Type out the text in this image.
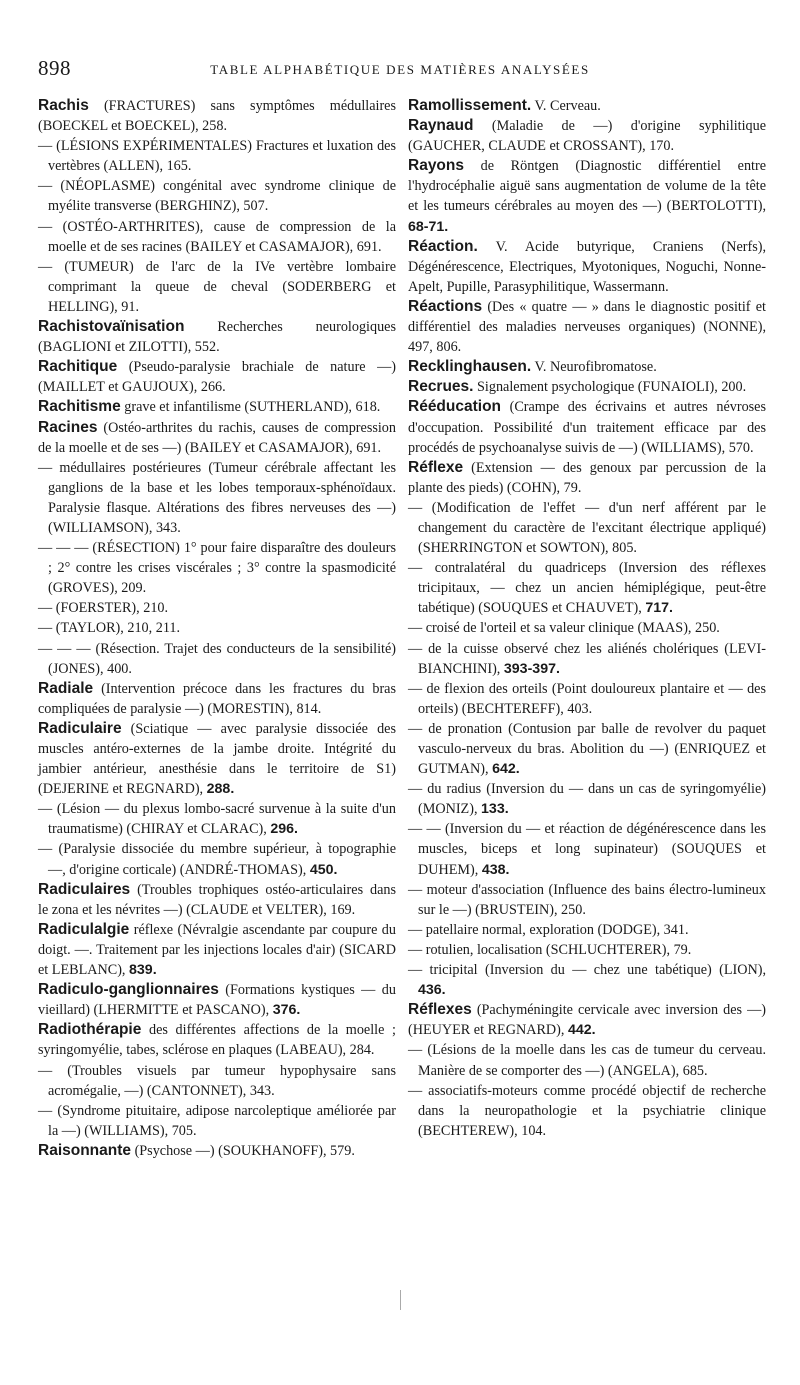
898	TABLE ALPHABÉTIQUE DES MATIÈRES ANALYSÉES

Rachis (FRACTURES) sans symptômes médullaires (BOECKEL et BOECKEL), 258.

— (LÉSIONS EXPÉRIMENTALES) Fractures et luxation des vertèbres (ALLEN), 165.

— (NÉOPLASME) congénital avec syndrome clinique de myélite transverse (BERGHINZ), 507.

— (OSTÉO-ARTHRITES), cause de compression de la moelle et de ses racines (BAILEY et CASAMAJOR), 691.

— (TUMEUR) de l'arc de la IVe vertèbre lombaire comprimant la queue de cheval (SODERBERG et HELLING), 91.

Rachistovaïnisation Recherches neurologiques (BAGLIONI et ZILOTTI), 552.

Rachitique (Pseudo-paralysie brachiale de nature —) (MAILLET et GAUJOUX), 266.

Rachitisme grave et infantilisme (SUTHERLAND), 618.

Racines (Ostéo-arthrites du rachis, causes de compression de la moelle et de ses —) (BAILEY et CASAMAJOR), 691.

— médullaires postérieures (Tumeur cérébrale affectant les ganglions de la base et les lobes temporaux-sphénoïdaux. Paralysie flasque. Altérations des fibres nerveuses des —) (WILLIAMSON), 343.

— — — (RÉSECTION) 1° pour faire disparaître des douleurs ; 2° contre les crises viscérales ; 3° contre la spasmodicité (GROVES), 209.

— (FOERSTER), 210.

— (TAYLOR), 210, 211.

— — — (Résection. Trajet des conducteurs de la sensibilité) (JONES), 400.

Radiale (Intervention précoce dans les fractures du bras compliquées de paralysie —) (MORESTIN), 814.

Radiculaire (Sciatique — avec paralysie dissociée des muscles antéro-externes de la jambe droite. Intégrité du jambier antérieur, anesthésie dans le territoire de S1) (DEJERINE et REGNARD), 288.

— (Lésion — du plexus lombo-sacré survenue à la suite d'un traumatisme) (CHIRAY et CLARAC), 296.

— (Paralysie dissociée du membre supérieur, à topographie —, d'origine corticale) (ANDRÉ-THOMAS), 450.

Radiculaires (Troubles trophiques ostéo-articulaires dans le zona et les névrites —) (CLAUDE et VELTER), 169.

Radiculalgie réflexe (Névralgie ascendante par coupure du doigt. —. Traitement par les injections locales d'air) (SICARD et LEBLANC), 839.

Radiculo-ganglionnaires (Formations kystiques — du vieillard) (LHERMITTE et PASCANO), 376.

Radiothérapie des différentes affections de la moelle ; syringomyélie, tabes, sclérose en plaques (LABEAU), 284.

— (Troubles visuels par tumeur hypophysaire sans acromégalie, —) (CANTONNET), 343.

— (Syndrome pituitaire, adipose narcoleptique améliorée par la —) (WILLIAMS), 705.

Raisonnante (Psychose —) (SOUKHANOFF), 579.

Ramollissement. V. Cerveau.

Raynaud (Maladie de —) d'origine syphilitique (GAUCHER, CLAUDE et CROSSANT), 170.

Rayons de Röntgen (Diagnostic différentiel entre l'hydrocéphalie aiguë sans augmentation de volume de la tête et les tumeurs cérébrales au moyen des —) (BERTOLOTTI), 68-71.

Réaction. V. Acide butyrique, Craniens (Nerfs), Dégénérescence, Electriques, Myotoniques, Noguchi, Nonne-Apelt, Pupille, Parasyphilitique, Wassermann.

Réactions (Des « quatre — » dans le diagnostic positif et différentiel des maladies nerveuses organiques) (NONNE), 497, 806.

Recklinghausen. V. Neurofibromatose.

Recrues. Signalement psychologique (FUNAIOLI), 200.

Rééducation (Crampe des écrivains et autres névroses d'occupation. Possibilité d'un traitement efficace par des procédés de psychoanalyse suivis de —) (WILLIAMS), 570.

Réflexe (Extension — des genoux par percussion de la plante des pieds) (COHN), 79.

— (Modification de l'effet — d'un nerf afférent par le changement du caractère de l'excitant électrique appliqué) (SHERRINGTON et SOWTON), 805.

— contralatéral du quadriceps (Inversion des réflexes tricipitaux, — chez un ancien hémiplégique, peut-être tabétique) (SOUQUES et CHAUVET), 717.

— croisé de l'orteil et sa valeur clinique (MAAS), 250.

— de la cuisse observé chez les aliénés cholériques (LEVI-BIANCHINI), 393-397.

— de flexion des orteils (Point douloureux plantaire et — des orteils) (BECHTEREFF), 403.

— de pronation (Contusion par balle de revolver du paquet vasculo-nerveux du bras. Abolition du —) (ENRIQUEZ et GUTMAN), 642.

— du radius (Inversion du — dans un cas de syringomyélie) (MONIZ), 133.

— — (Inversion du — et réaction de dégénérescence dans les muscles, biceps et long supinateur) (SOUQUES et DUHEM), 438.

— moteur d'association (Influence des bains électro-lumineux sur le —) (BRUSTEIN), 250.

— patellaire normal, exploration (DODGE), 341.

— rotulien, localisation (SCHLUCHTERER), 79.

— tricipital (Inversion du — chez une tabétique) (LION), 436.

Réflexes (Pachyméningite cervicale avec inversion des —) (HEUYER et REGNARD), 442.

— (Lésions de la moelle dans les cas de tumeur du cerveau. Manière de se comporter des —) (ANGELA), 685.

— associatifs-moteurs comme procédé objectif de recherche dans la neuropathologie et la psychiatrie clinique (BECHTEREW), 104.
